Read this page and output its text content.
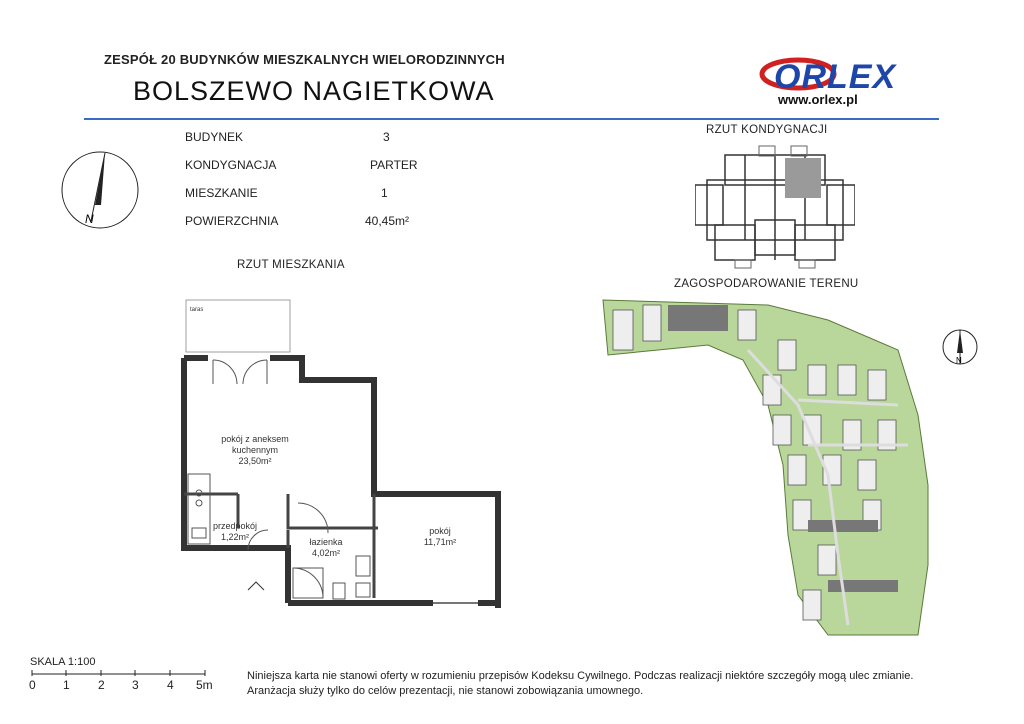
ZESPÓŁ 20 BUDYNKÓW MIESZKALNYCH WIELORODZINNYCH
BOLSZEWO NAGIETKOWA	ORLEX
www.orlex.pl
BUDYNEK	3
KONDYGNACJA	PARTER
MIESZKANIE	1
POWIERZCHNIA	40,45m²
N
RZUT MIESZKANIA
RZUT KONDYGNACJI
ZAGOSPODAROWANIE TERENU
N
taras
pokój z aneksem
kuchennym
23,50m²
przedpokój
1,22m²	łazienka
4,02m²
pokój
11,71m²
SKALA 1:100
0 1 2 3 4 5m
Niniejsza karta nie stanowi oferty w rozumieniu przepisów Kodeksu Cywilnego. Podczas realizacji niektóre szczegóły mogą ulec zmianie.
Aranżacja służy tylko do celów prezentacji, nie stanowi zobowiązania umownego.
